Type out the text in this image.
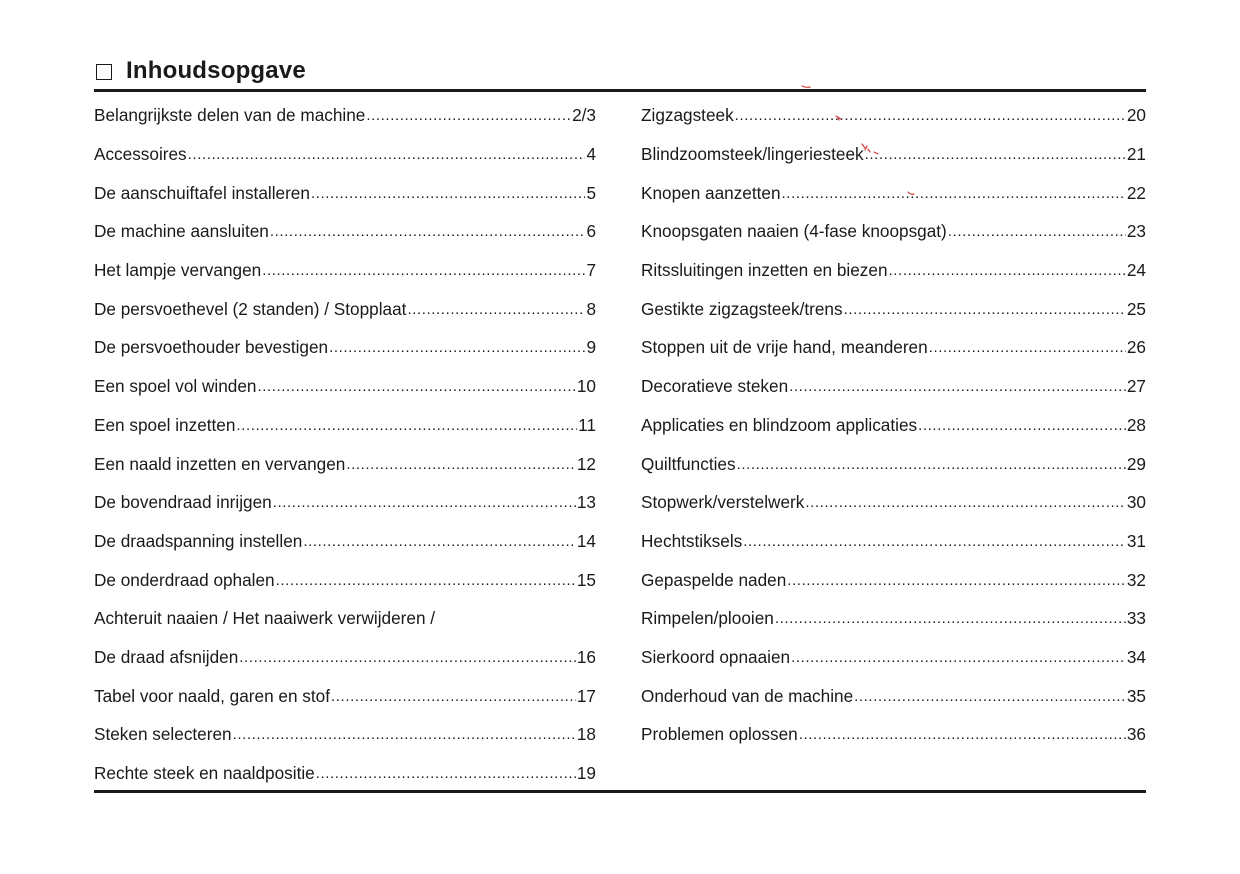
Inhoudsopgave
Belangrijkste delen van de machine .....	2/3
Accessoires .....	4
De aanschuiftafel installeren .....	5
De machine aansluiten .....	6
Het lampje vervangen .....	7
De persvoethevel (2 standen) / Stopplaat .....	8
De persvoethouder bevestigen .....	9
Een spoel vol winden .....	10
Een spoel inzetten .....	11
Een naald inzetten en vervangen .....	12
De bovendraad inrijgen .....	13
De draadspanning instellen .....	14
De onderdraad ophalen .....	15
Achteruit naaien / Het naaiwerk verwijderen /
De draad afsnijden .....	16
Tabel voor naald, garen en stof .....	17
Steken selecteren .....	18
Rechte steek en naaldpositie .....	19
Zigzagsteek .....	20
Blindzoomsteek/lingeriesteek .....	21
Knopen aanzetten .....	22
Knoopsgaten naaien (4-fase knoopsgat) .....	23
Ritssluitingen inzetten en biezen .....	24
Gestikte zigzagsteek/trens .....	25
Stoppen uit de vrije hand, meanderen .....	26
Decoratieve steken .....	27
Applicaties en blindzoom applicaties .....	28
Quiltfuncties .....	29
Stopwerk/verstelwerk .....	30
Hechtstiksels .....	31
Gepaspelde naden .....	32
Rimpelen/plooien .....	33
Sierkoord opnaaien .....	34
Onderhoud van de machine .....	35
Problemen oplossen .....	36
